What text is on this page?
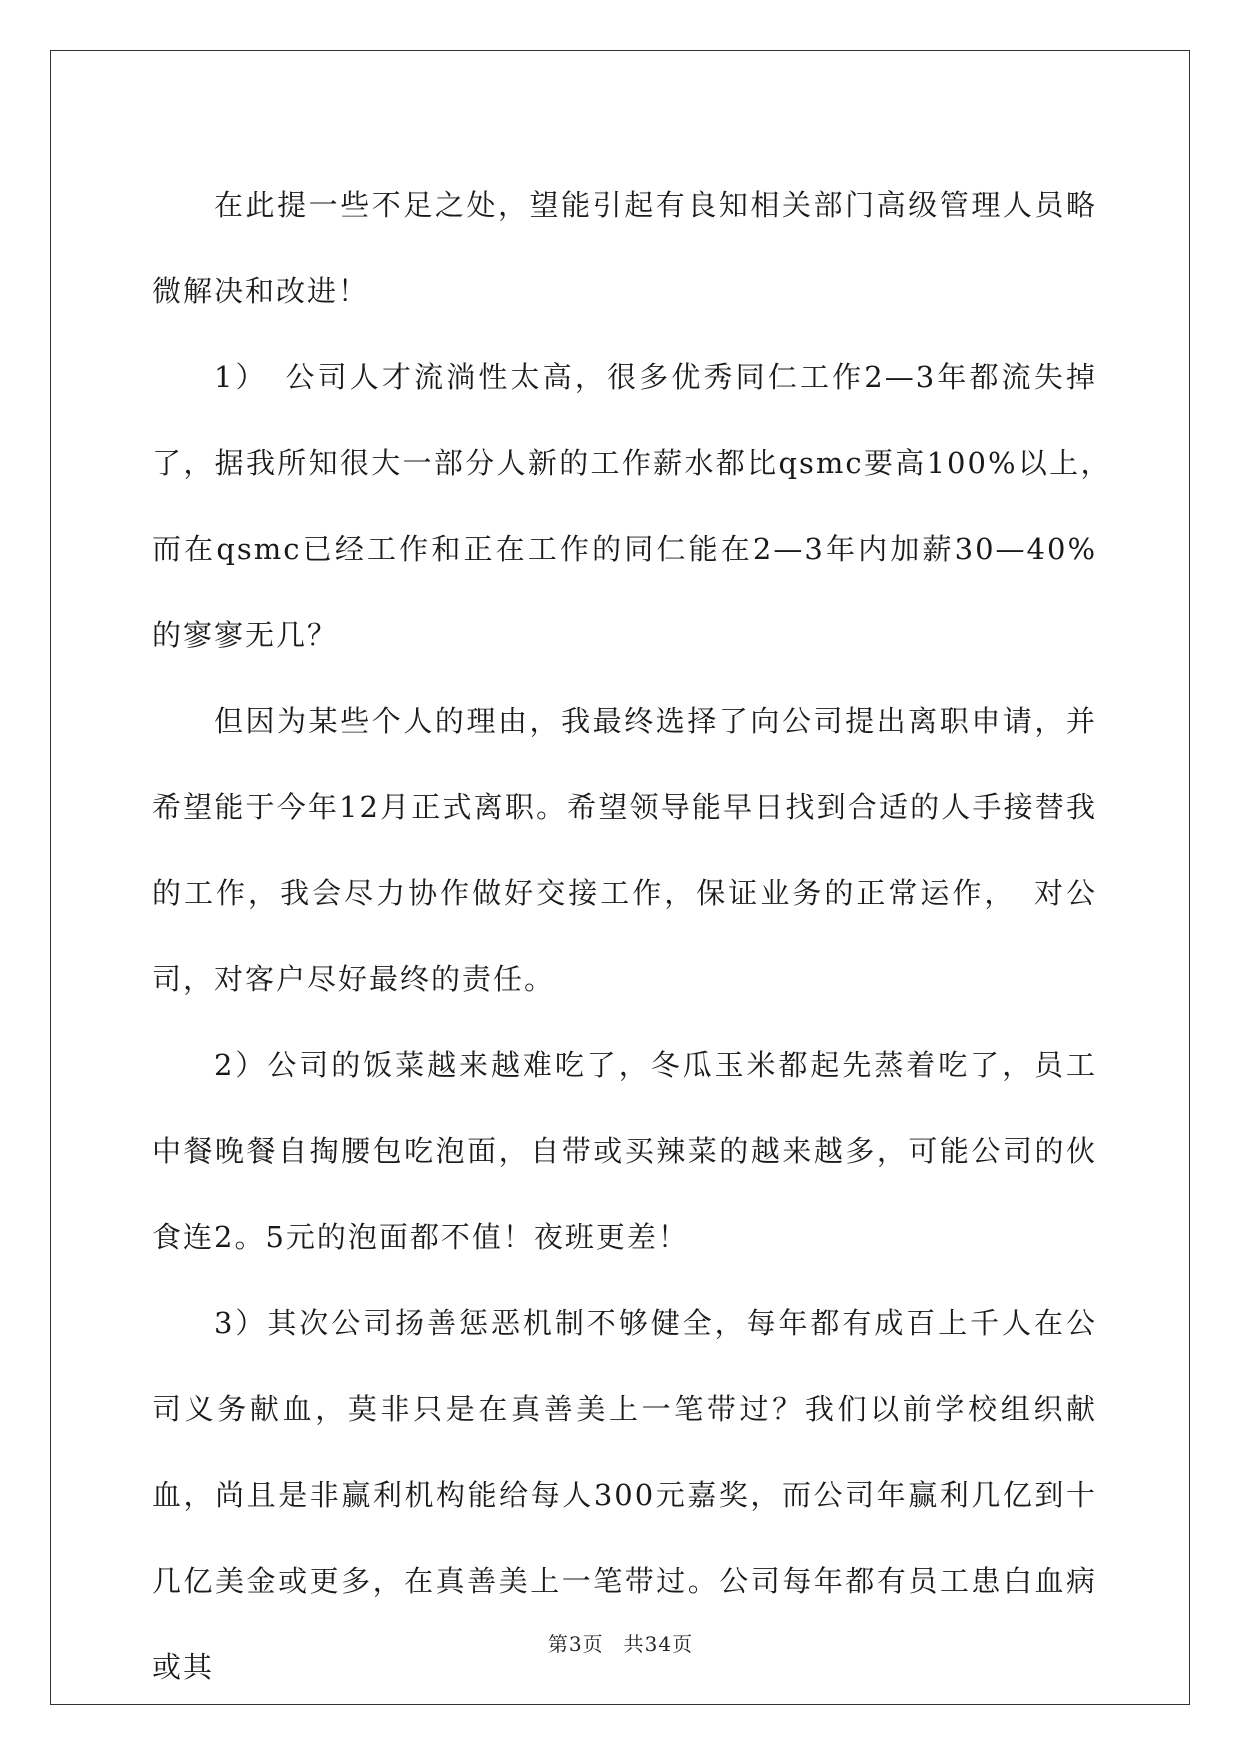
在此提一些不足之处，望能引起有良知相关部门高级管理人员略微解决和改进！

1）　公司人才流淌性太高，很多优秀同仁工作2—3年都流失掉了，据我所知很大一部分人新的工作薪水都比qsmc要高100%以上，　而在qsmc已经工作和正在工作的同仁能在2—3年内加薪30—40%的寥寥无几？

但因为某些个人的理由，我最终选择了向公司提出离职申请，并希望能于今年12月正式离职。希望领导能早日找到合适的人手接替我的工作，我会尽力协作做好交接工作，保证业务的正常运作，　对公司，对客户尽好最终的责任。

2）公司的饭菜越来越难吃了，冬瓜玉米都起先蒸着吃了，员工中餐晚餐自掏腰包吃泡面，自带或买辣菜的越来越多，可能公司的伙食连2。5元的泡面都不值！夜班更差！

3）其次公司扬善惩恶机制不够健全，每年都有成百上千人在公司义务献血，莫非只是在真善美上一笔带过？我们以前学校组织献血，尚且是非赢利机构能给每人300元嘉奖，而公司年赢利几亿到十几亿美金或更多，在真善美上一笔带过。公司每年都有员工患白血病或其

第3页 共34页
